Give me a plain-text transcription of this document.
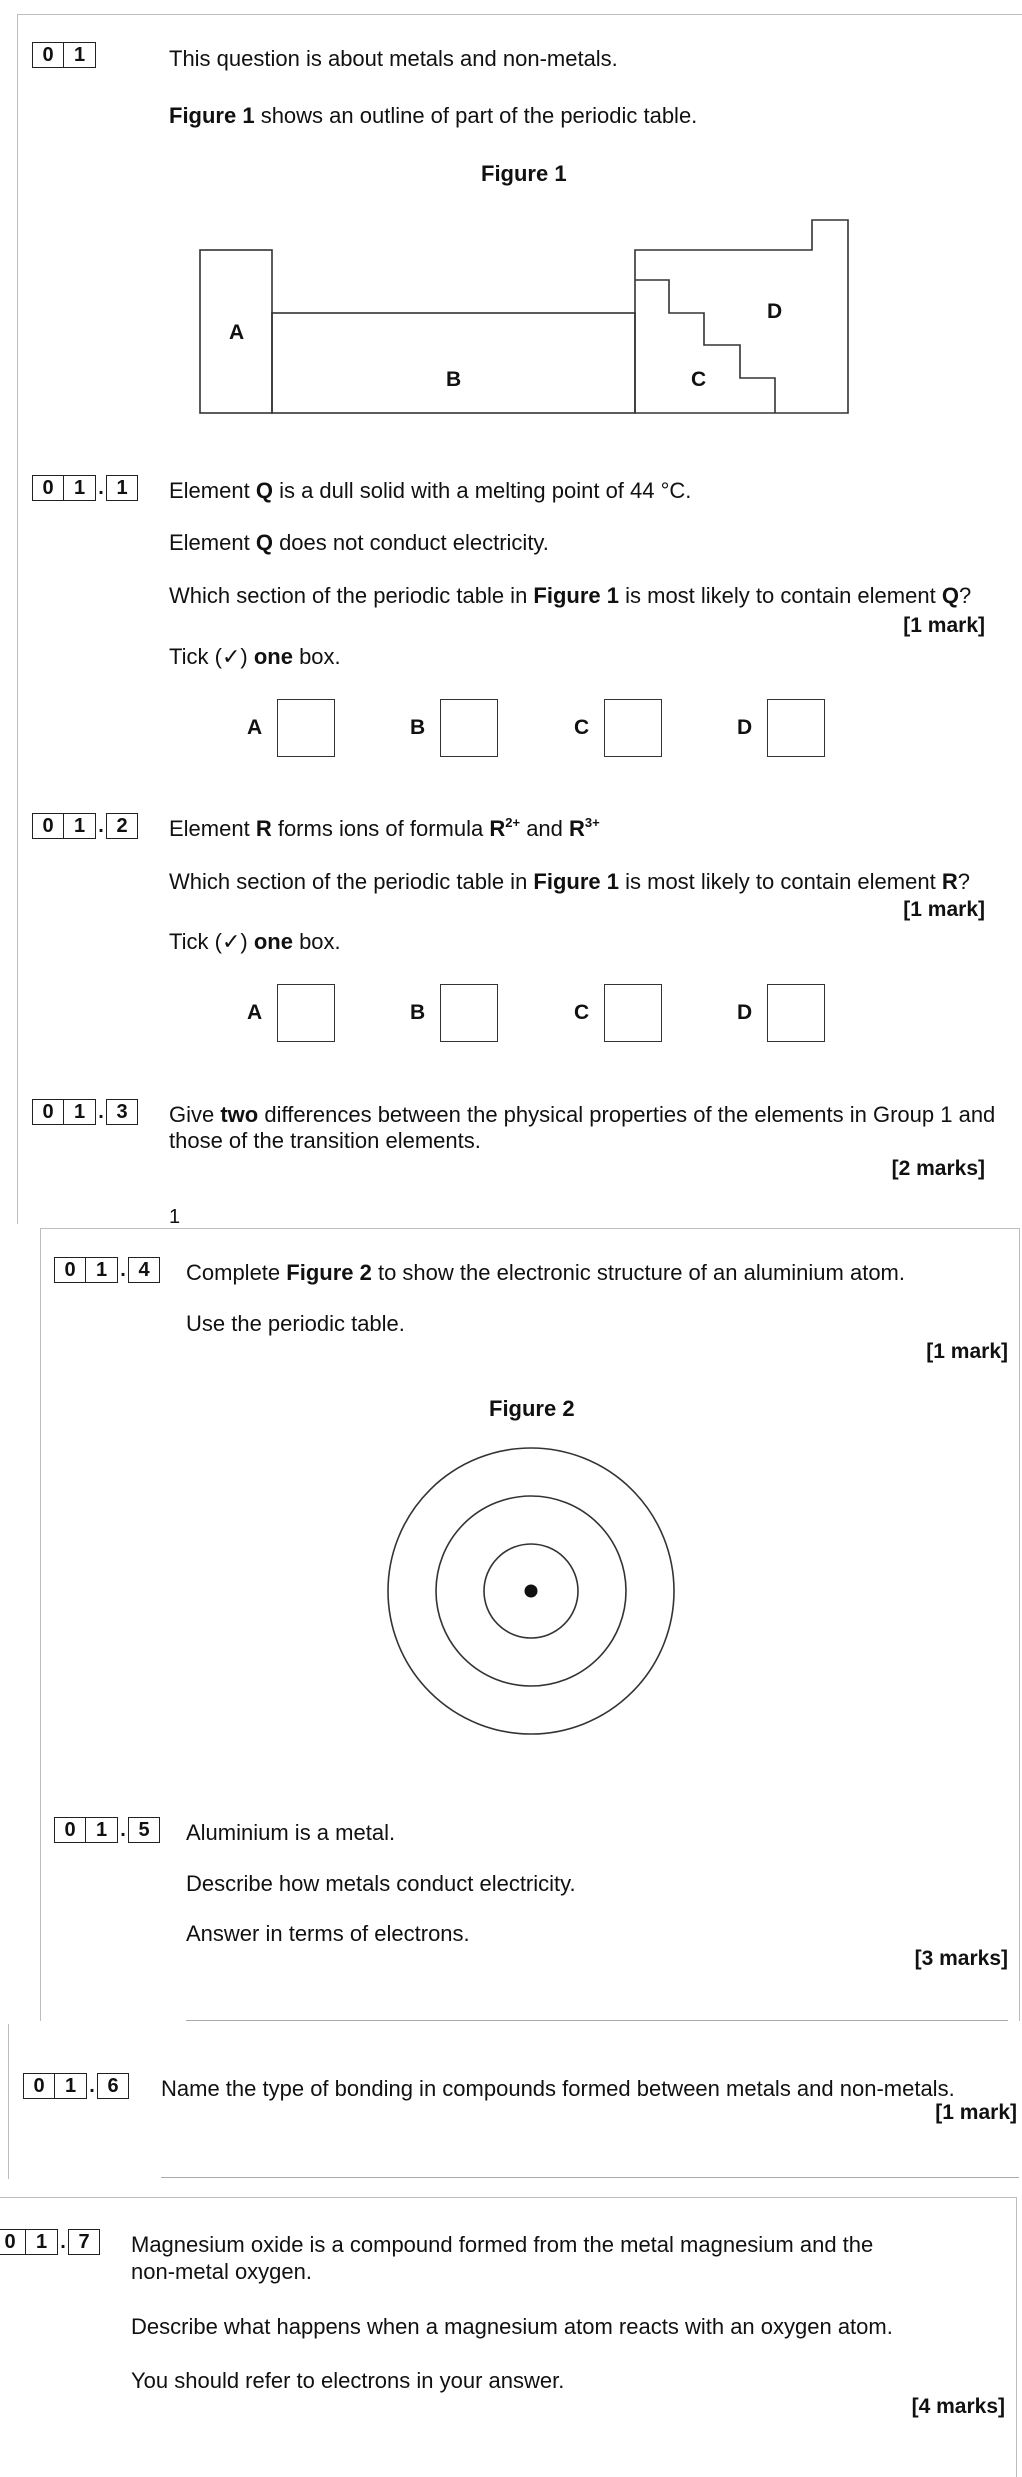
0	1	This question is about metals and non-metals.
Figure 1 shows an outline of part of the periodic table.
Figure 1
A
B	C
D
0	1 . 1	Element Q is a dull solid with a melting point of 44 °C.
Element Q does not conduct electricity.
Which section of the periodic table in Figure 1 is most likely to contain element Q?
[1 mark]
Tick (✓) one box.
A	B	C	D
0	1 . 2	Element R forms ions of formula $R^{2+}$ and $R^{3+}$
Which section of the periodic table in Figure 1 is most likely to contain element R?
[1 mark]
Tick (✓) one box.
A	B	C	D
0	1 . 3	Give two differences between the physical properties of the elements in Group 1 and
those of the transition elements.
[2 marks]
1
0	1 . 4	Complete Figure 2 to show the electronic structure of an aluminium atom.
Use the periodic table.
[1 mark]
Figure 2
0	1 . 5	Aluminium is a metal.
Describe how metals conduct electricity.
Answer in terms of electrons.
[3 marks]
0	1 . 6	Name the type of bonding in compounds formed between metals and non-metals.
[1 mark]
0	1 . 7	Magnesium oxide is a compound formed from the metal magnesium and the
non-metal oxygen.
Describe what happens when a magnesium atom reacts with an oxygen atom.
You should refer to electrons in your answer.
[4 marks]
